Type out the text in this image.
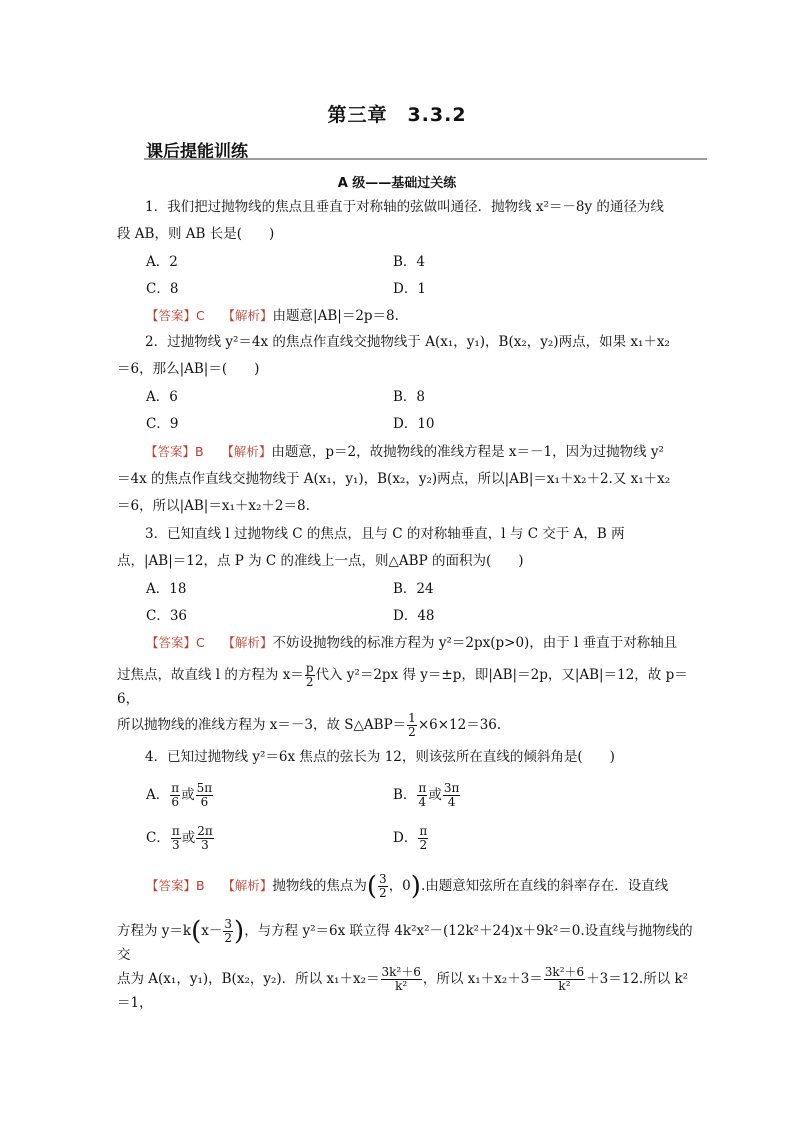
第三章　3.3.2
课后提能训练
A 级——基础过关练
1．我们把过抛物线的焦点且垂直于对称轴的弦做叫通径．抛物线 x²＝－8y 的通径为线段 AB，则 AB 长是(　　)
A．2	B．4
C．8	D．1
【答案】C　 【解析】由题意|AB|＝2p＝8.
2．过抛物线 y²＝4x 的焦点作直线交抛物线于 A(x₁，y₁)，B(x₂，y₂)两点，如果 x₁＋x₂＝6，那么|AB|＝(　　)
A．6	B．8
C．9	D．10
【答案】B　 【解析】由题意，p＝2，故抛物线的准线方程是 x＝－1，因为过抛物线 y²＝4x 的焦点作直线交抛物线于 A(x₁，y₁)，B(x₂，y₂)两点，所以|AB|＝x₁＋x₂＋2.又 x₁＋x₂＝6，所以|AB|＝x₁＋x₂＋2＝8.
3．已知直线 l 过抛物线 C 的焦点，且与 C 的对称轴垂直，l 与 C 交于 A，B 两点，|AB|＝12，点 P 为 C 的准线上一点，则△ABP 的面积为(　　)
A．18	B．24
C．36	D．48
【答案】C　 【解析】不妨设抛物线的标准方程为 y²＝2px(p>0)，由于 l 垂直于对称轴且
过焦点，故直线 l 的方程为 $x= \frac{p}{2}$ 代入 y²＝2px 得 y＝±p，即|AB|＝2p，又|AB|＝12，故 p＝6，
所以抛物线的准线方程为 x＝－3，故 S△ABP＝ $\frac{1}{2} \times 6\times 12=36$.
4．已知过抛物线 y²＝6x 焦点的弦长为 12，则该弦所在直线的倾斜角是(　　)
A． $\frac{\pi}{6}$ 或 $\frac{5\pi}{6}$	B． $\frac{\pi}{4}$ 或 $\frac{3\pi}{4}$
C． $\frac{\pi}{3}$ 或 $\frac{2\pi}{3}$	D． $\frac{\pi}{2}$
【答案】B　 【解析】抛物线的焦点为( $\frac{3}{2}$ ，0).由题意知弦所在直线的斜率存在．设直线
方程为 $y=k(x- \frac{3}{2}$ )，与方程 y²＝6x 联立得 4k²x²－(12k²＋24)x＋9k²＝0.设直线与抛物线的交
点为 A(x₁，y₁)，B(x₂，y₂)．所以 $x_1+x_2= \frac{\text{3k²＋6}}{\text{k²}}$ ，所以 $x_1+x_2+3= \frac{\text{3k²＋6}}{\text{k²}} +3=12$.所以 k²＝1，
